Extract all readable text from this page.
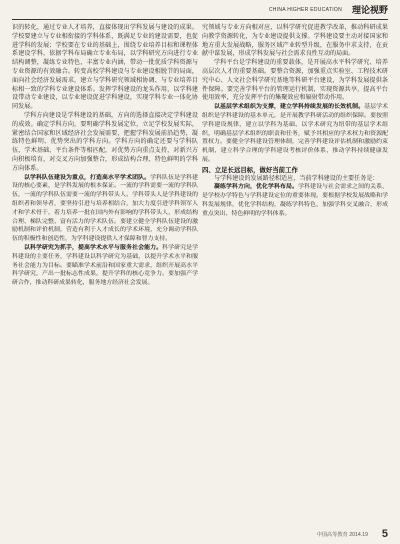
CHINA HIGHER EDUCATION 理论视野

识的转化，通过专业人才培养，直接体现出学科发展与建设的成果。学校要建立与专业相衔接的学科体系，既满足专业的建设需要，也促进学科的发展；学校要在专业的基础上，围绕专业培养目标和课程体系建设学科，依据学科布局确立专业布局，以学科研究方向进行专业结构调整，凝练专业特色，丰富专业内涵，带动一批优质学科资源与专业资源的有效融合。转变高校学科建设与专业建设相脱节的局面，面向社会经济发展需求，建立与学科研究领域相协调、与专业培养目标相一致的学科专业建设体系。发挥学科建设的龙头作用，以学科建设带动专业建设，以专业建设促进学科建设，实现学科专业一体化协同发展。

学科方向建设是学科建设的基础，方向的选择直接决定学科建设的成效。确定学科方向，要明确学科发展定位，立足学校发展实际，紧密结合国家和区域经济社会发展需要，把握学科发展前沿趋势，凝练特色鲜明、优势突出的学科方向。学科方向的确定还要与学科队伍、学术基础、平台条件等相匹配，对优势方向重点支持，对新兴方向积极培育，对交叉方向加强整合，形成结构合理、特色鲜明的学科方向体系。

以学科队伍建设为重点，打造高水平学术团队。学科队伍是学科建设的核心要素，是学科发展的根本保证。一流的学科需要一流的学科队伍，一流的学科队伍需要一流的学科带头人。学科带头人是学科建设的组织者和领导者，要坚持引进与培养相结合，加大力度引进学科领军人才和学术骨干，着力培养一批在国内外有影响的学科带头人，形成结构合理、梯队完整、富有活力的学术队伍。要建立健全学科队伍建设的激励机制和评价机制，营造有利于人才成长的学术环境，充分调动学科队伍的积极性和创造性，为学科建设提供人才保障和智力支持。

以科学研究为抓手，提高学术水平与服务社会能力。科学研究是学科建设的主要任务，学科建设以科学研究为基础，以提升学术水平和服务社会能力为目标。要瞄准学术前沿和国家重大需求，组织开展高水平科学研究，产出一批标志性成果，提升学科的核心竞争力。要加强产学研合作，推动科研成果转化，服务地方经济社会发展。

究领域与专业方向相对应，以科学研究促进教学改革，推动科研成果向教学资源转化，为专业建设提供支撑。学科建设要主动对接国家和地方重大发展战略，服务区域产业转型升级，在服务中求支持，在贡献中谋发展，形成学科发展与社会需求良性互动的局面。

学科平台是学科建设的重要载体，是开展高水平科学研究、培养高层次人才的重要基础。要整合资源，加强重点实验室、工程技术研究中心、人文社会科学研究基地等科研平台建设，为学科发展提供条件保障。要完善学科平台的管理运行机制，实现资源共享，提高平台使用效率，充分发挥平台的集聚效应和辐射带动作用。

以基层学术组织为支撑，建立学科持续发展的长效机制。基层学术组织是学科建设的基本单元，是开展教学科研活动的组织保障。要按照学科建设规律，建立以学科为基础、以学术研究为纽带的基层学术组织，明确基层学术组织的职责和任务，赋予其相应的学术权力和资源配置权力。要健全学科建设管理体制，完善学科建设评估机制和激励约束机制，建立科学合理的学科建设考核评价体系，推动学科持续健康发展。

四、立足长远目标，做好当前工作

与学科建设的发展路径相适应，当前学科建设的主要任务是：

凝练学科方向，优化学科布局。学科建设与社会需求之间的关系，是学校办学特色与学科建设定位的重要体现。要根据学校发展战略和学科发展规律，优化学科结构，凝练学科特色，加强学科交叉融合，形成重点突出、特色鲜明的学科体系。

中国高等教育 2014.19 5
